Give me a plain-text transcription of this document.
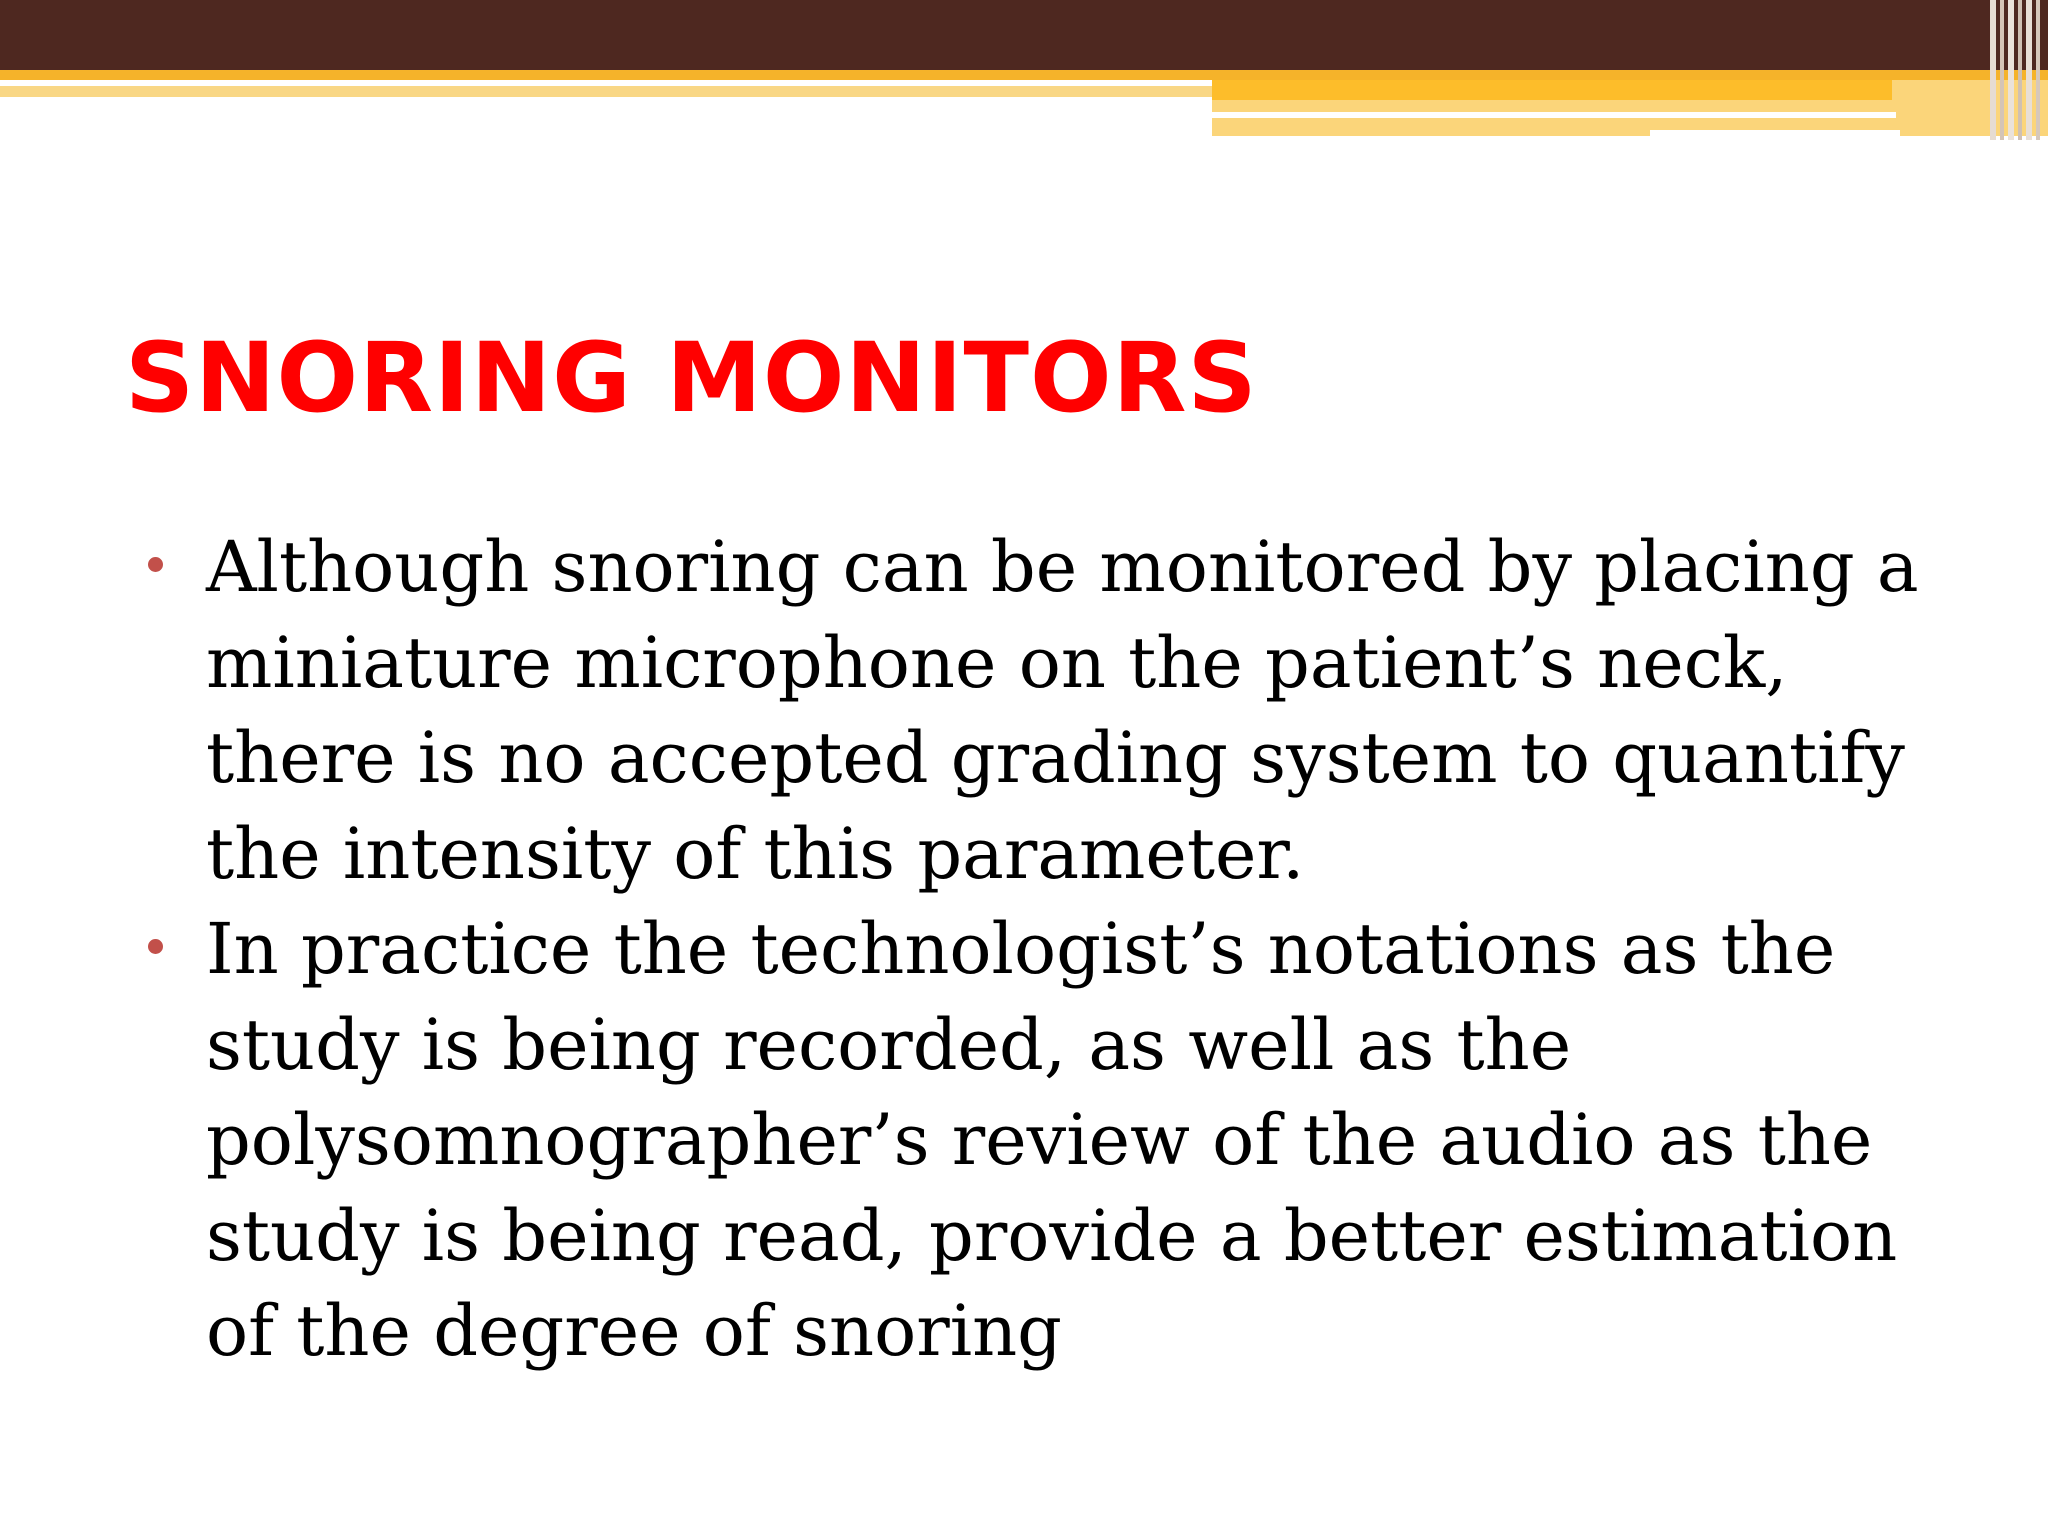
SNORING MONITORS
Although snoring can be monitored by placing a
miniature microphone on the patient’s neck,
there is no accepted grading system to quantify
the intensity of this parameter.
In practice the technologist’s notations as the
study is being recorded, as well as the
polysomnographer’s review of the audio as the
study is being read, provide a better estimation
of the degree of snoring
